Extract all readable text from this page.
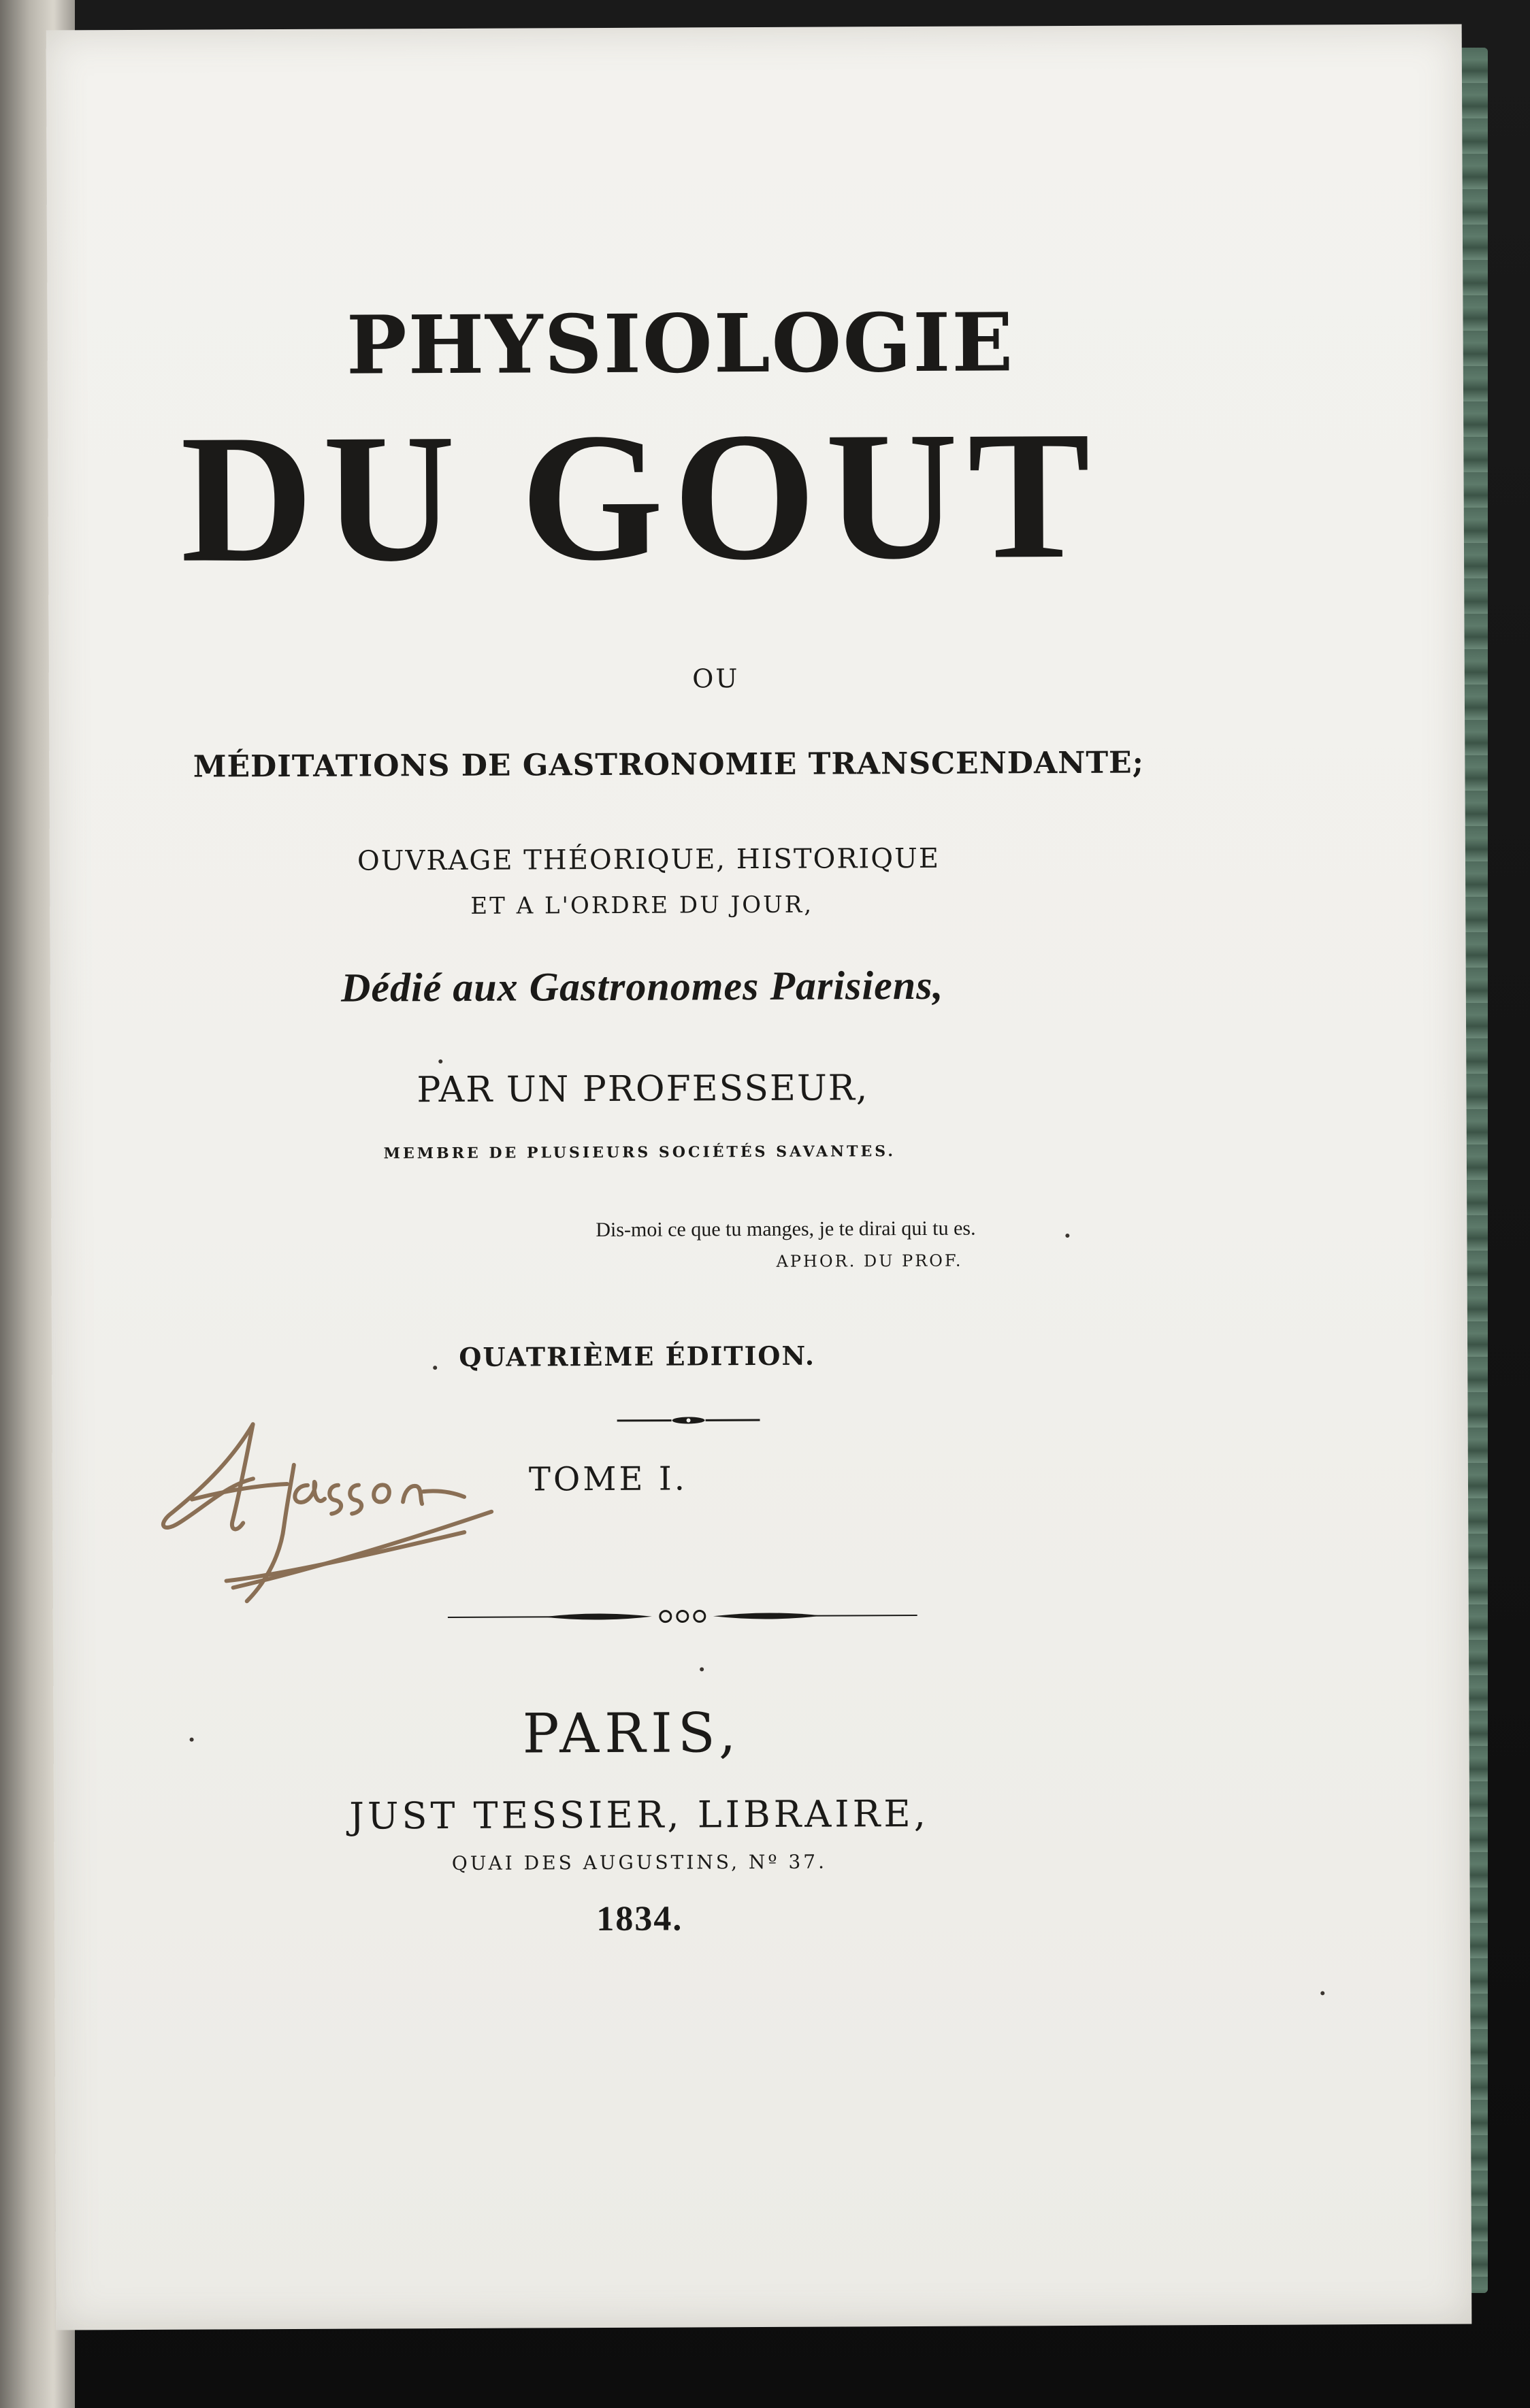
PHYSIOLOGIE
DU GOUT
OU
MÉDITATIONS DE GASTRONOMIE TRANSCENDANTE;
OUVRAGE THÉORIQUE, HISTORIQUE
ET A L'ORDRE DU JOUR,
Dédié aux Gastronomes Parisiens,
PAR UN PROFESSEUR,
MEMBRE DE PLUSIEURS SOCIÉTÉS SAVANTES.
Dis-moi ce que tu manges, je te dirai qui tu es.
APHOR. DU PROF.
QUATRIÈME ÉDITION.
TOME I.
PARIS,
JUST TESSIER, LIBRAIRE,
QUAI DES AUGUSTINS, Nº 37.
1834.
